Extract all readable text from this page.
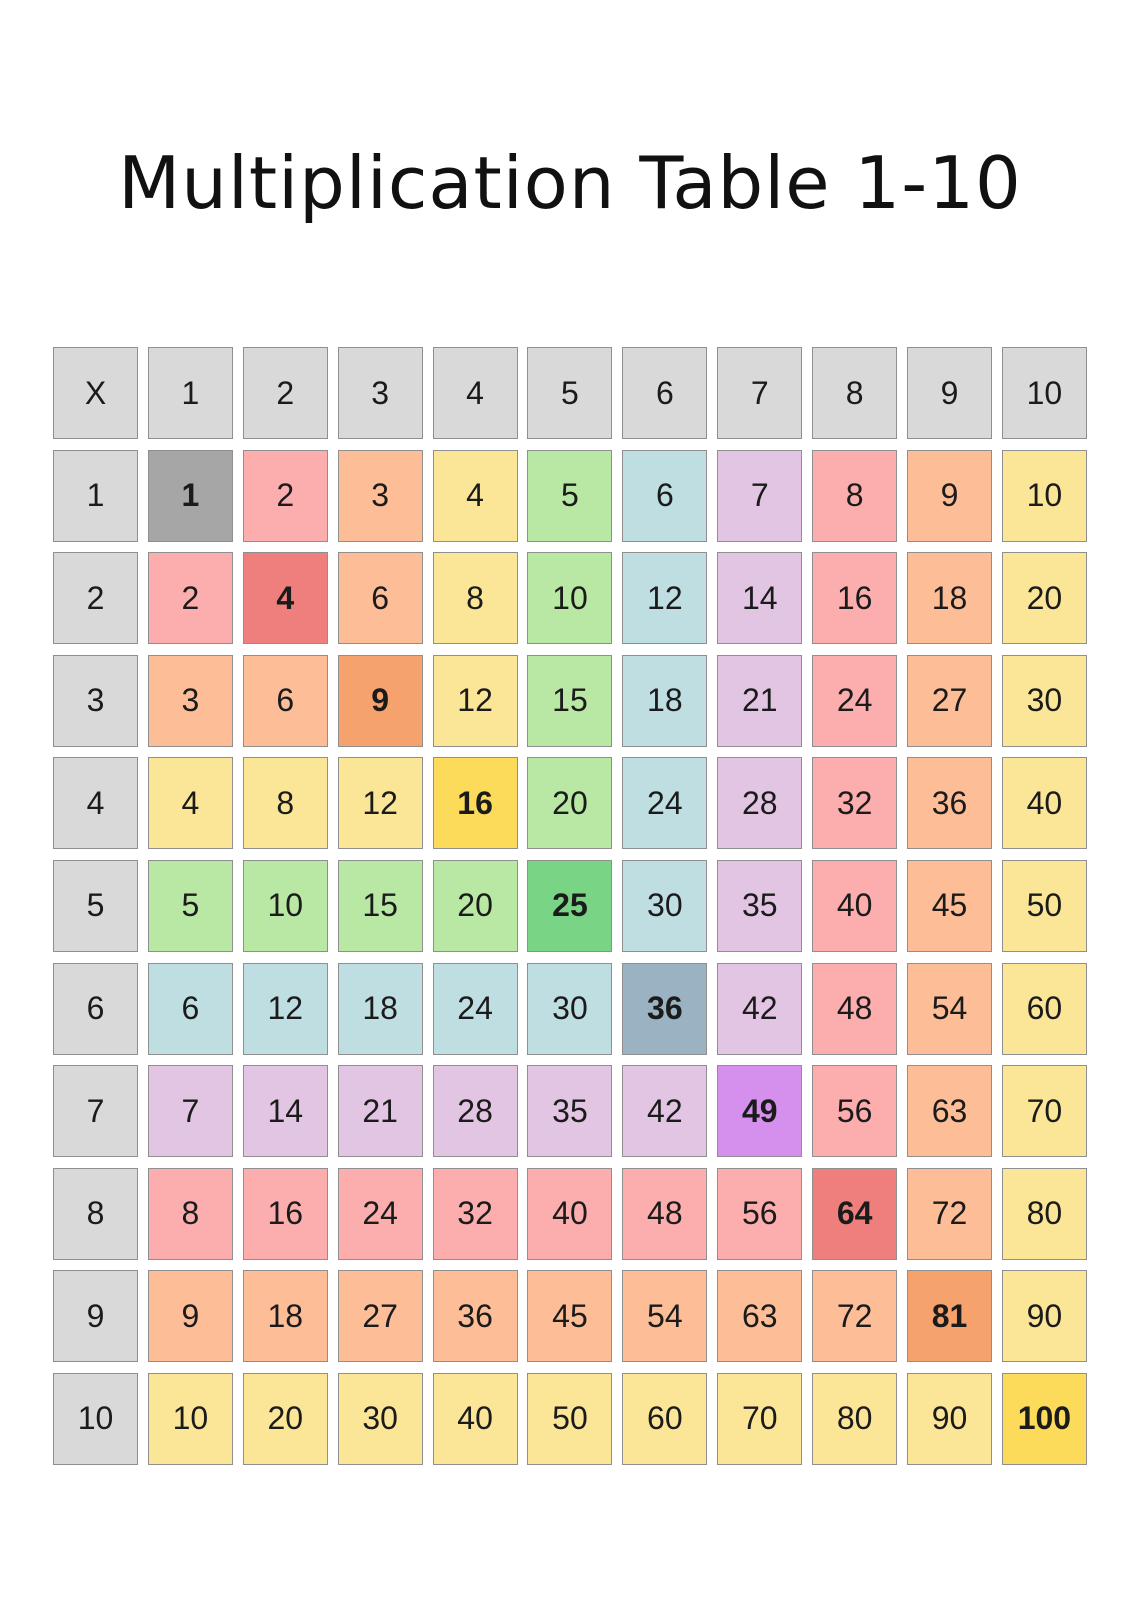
Multiplication Table 1-10
X	1	2	3	4	5	6	7	8	9	10
1	1	2	3	4	5	6	7	8	9	10
2	2	4	6	8	10	12	14	16	18	20
3	3	6	9	12	15	18	21	24	27	30
4	4	8	12	16	20	24	28	32	36	40
5	5	10	15	20	25	30	35	40	45	50
6	6	12	18	24	30	36	42	48	54	60
7	7	14	21	28	35	42	49	56	63	70
8	8	16	24	32	40	48	56	64	72	80
9	9	18	27	36	45	54	63	72	81	90
10	10	20	30	40	50	60	70	80	90	100
